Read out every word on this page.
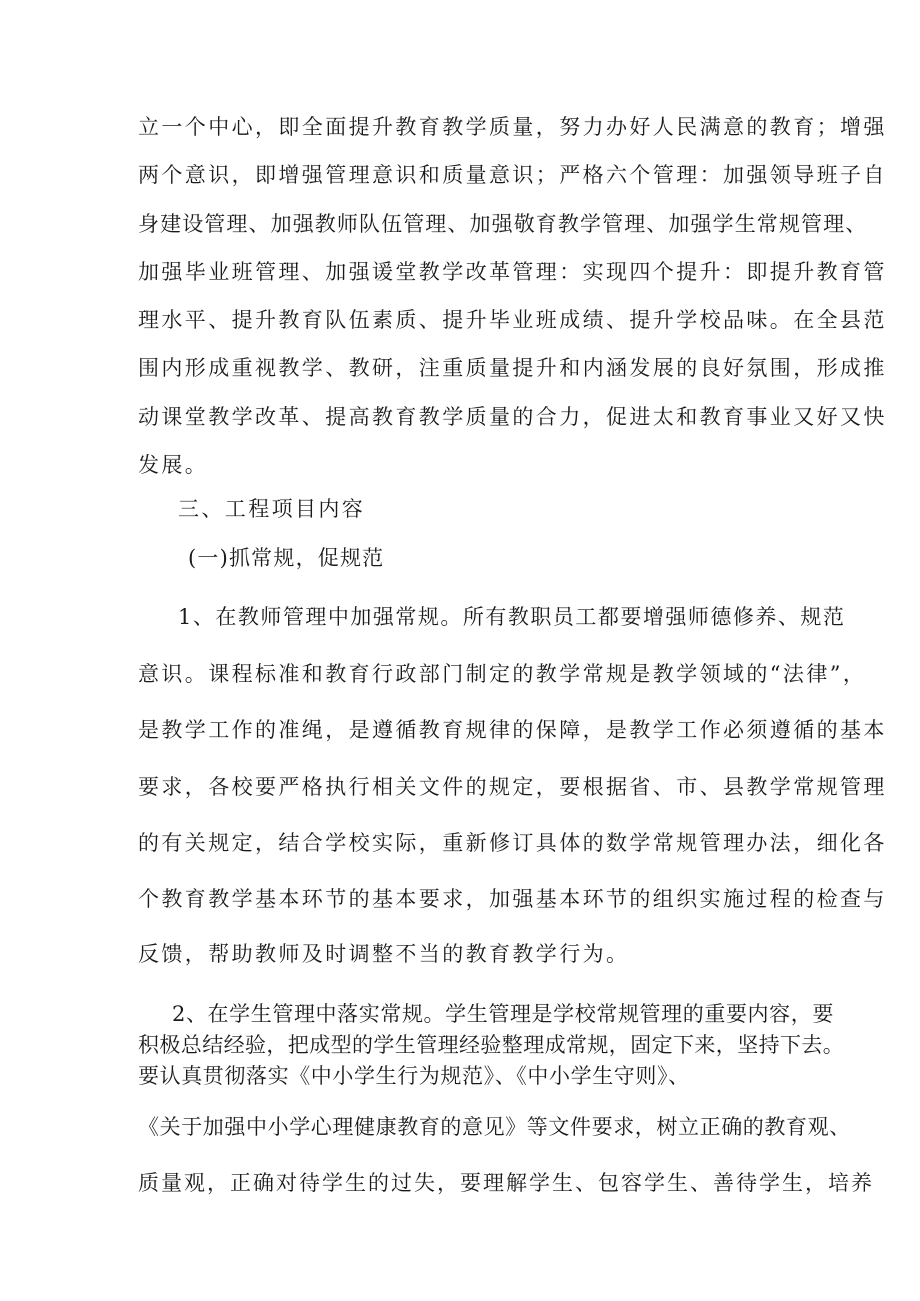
立一个中心，即全面提升教育教学质量，努力办好人民满意的教育；增强
两个意识，即增强管理意识和质量意识；严格六个管理：加强领导班子自
身建设管理、加强教师队伍管理、加强敬育教学管理、加强学生常规管理、
加强毕业班管理、加强谖堂教学改革管理：实现四个提升：即提升教育管
理水平、提升教育队伍素质、提升毕业班成绩、提升学校品味。在全县范
围内形成重视教学、教研，注重质量提升和内涵发展的良好氛围，形成推
动课堂教学改革、提高教育教学质量的合力，促进太和教育事业又好又快
发展。
三、工程项目内容
(一)抓常规，促规范
1、在教师管理中加强常规。所有教职员工都要增强师德修养、规范
意识。课程标准和教育行政部门制定的教学常规是教学领域的“法律”，
是教学工作的准绳，是遵循教育规律的保障，是教学工作必须遵循的基本
要求，各校要严格执行相关文件的规定，要根据省、市、县教学常规管理
的有关规定，结合学校实际，重新修订具体的数学常规管理办法，细化各
个教育教学基本环节的基本要求，加强基本环节的组织实施过程的检查与
反馈，帮助教师及时调整不当的教育教学行为。
2、在学生管理中落实常规。学生管理是学校常规管理的重要内容，要
积极总结经验，把成型的学生管理经验整理成常规，固定下来，坚持下去。
要认真贯彻落实《中小学生行为规范》、《中小学生守则》、
《关于加强中小学心理健康教育的意见》等文件要求，树立正确的教育观、
质量观，正确对待学生的过失，要理解学生、包容学生、善待学生，培养
